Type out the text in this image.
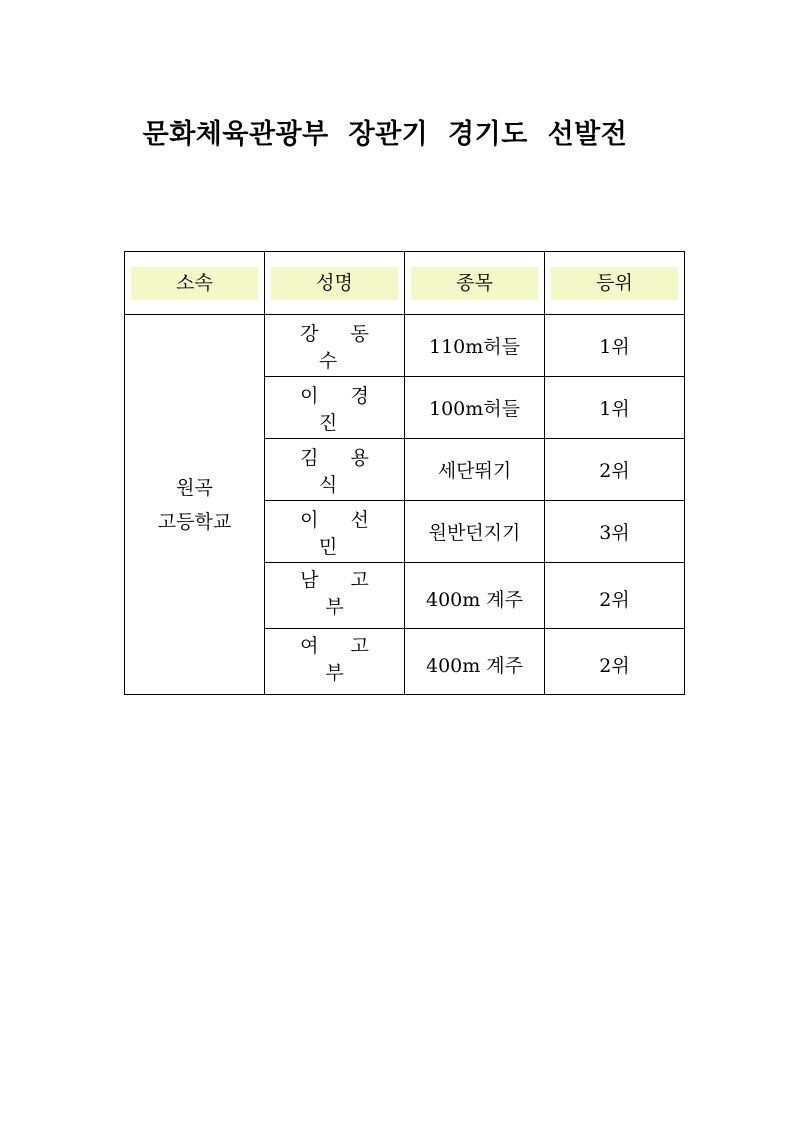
문화체육관광부  장관기  경기도  선발전
소속	성명	종목	등위

원곡
고등학교	강 동 수	110m허들	1위
	이 경 진	100m허들	1위
	김 용 식	세단뛰기	2위
	이 선 민	원반던지기	3위

	남 고 부	400m 계주	2위

	여 고 부	400m 계주	2위
